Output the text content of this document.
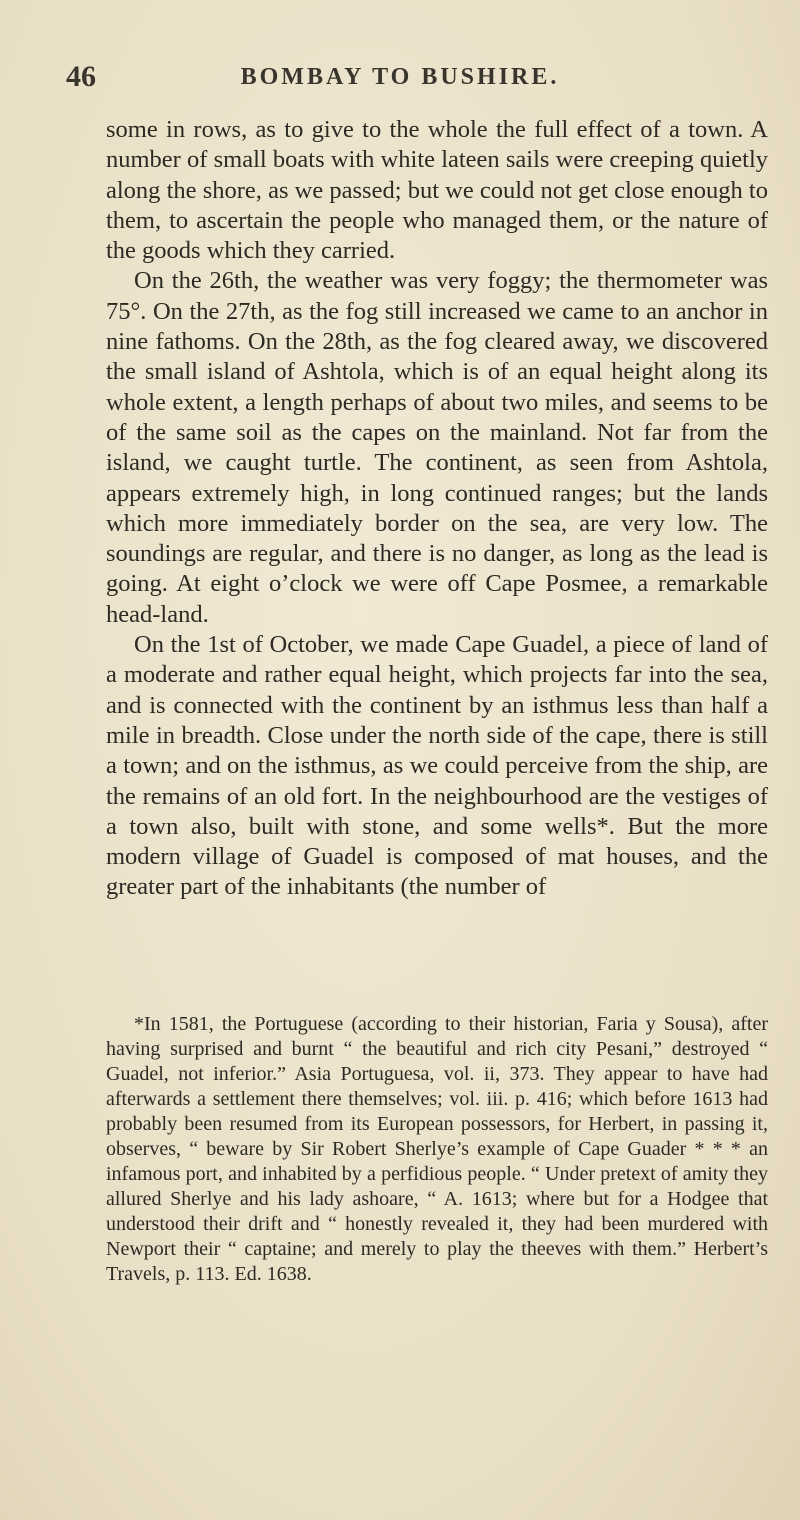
46	BOMBAY TO BUSHIRE.

some in rows, as to give to the whole the full effect of a town. A number of small boats with white lateen sails were creeping quietly along the shore, as we passed; but we could not get close enough to them, to ascertain the people who managed them, or the nature of the goods which they carried.

On the 26th, the weather was very foggy; the thermometer was 75°. On the 27th, as the fog still increased we came to an anchor in nine fathoms. On the 28th, as the fog cleared away, we discovered the small island of Ashtola, which is of an equal height along its whole extent, a length perhaps of about two miles, and seems to be of the same soil as the capes on the mainland. Not far from the island, we caught turtle. The continent, as seen from Ashtola, appears extremely high, in long continued ranges; but the lands which more immediately border on the sea, are very low. The soundings are regular, and there is no danger, as long as the lead is going. At eight o’clock we were off Cape Posmee, a remarkable head-land.

On the 1st of October, we made Cape Guadel, a piece of land of a moderate and rather equal height, which projects far into the sea, and is connected with the continent by an isthmus less than half a mile in breadth. Close under the north side of the cape, there is still a town; and on the isthmus, as we could perceive from the ship, are the remains of an old fort. In the neighbourhood are the vestiges of a town also, built with stone, and some wells*. But the more modern village of Guadel is composed of mat houses, and the greater part of the inhabitants (the number of

*In 1581, the Portuguese (according to their historian, Faria y Sousa), after having surprised and burnt “ the beautiful and rich city Pesani,” destroyed “ Guadel, not inferior.” Asia Portuguesa, vol. ii, 373. They appear to have had afterwards a settlement there themselves; vol. iii. p. 416; which before 1613 had probably been resumed from its European possessors, for Herbert, in passing it, observes, “ beware by Sir Robert Sherlye’s example of Cape Guader * * * an infamous port, and inhabited by a perfidious people. “ Under pretext of amity they allured Sherlye and his lady ashoare, “ A. 1613; where but for a Hodgee that understood their drift and “ honestly revealed it, they had been murdered with Newport their “ captaine; and merely to play the theeves with them.” Herbert’s Travels, p. 113. Ed. 1638.
